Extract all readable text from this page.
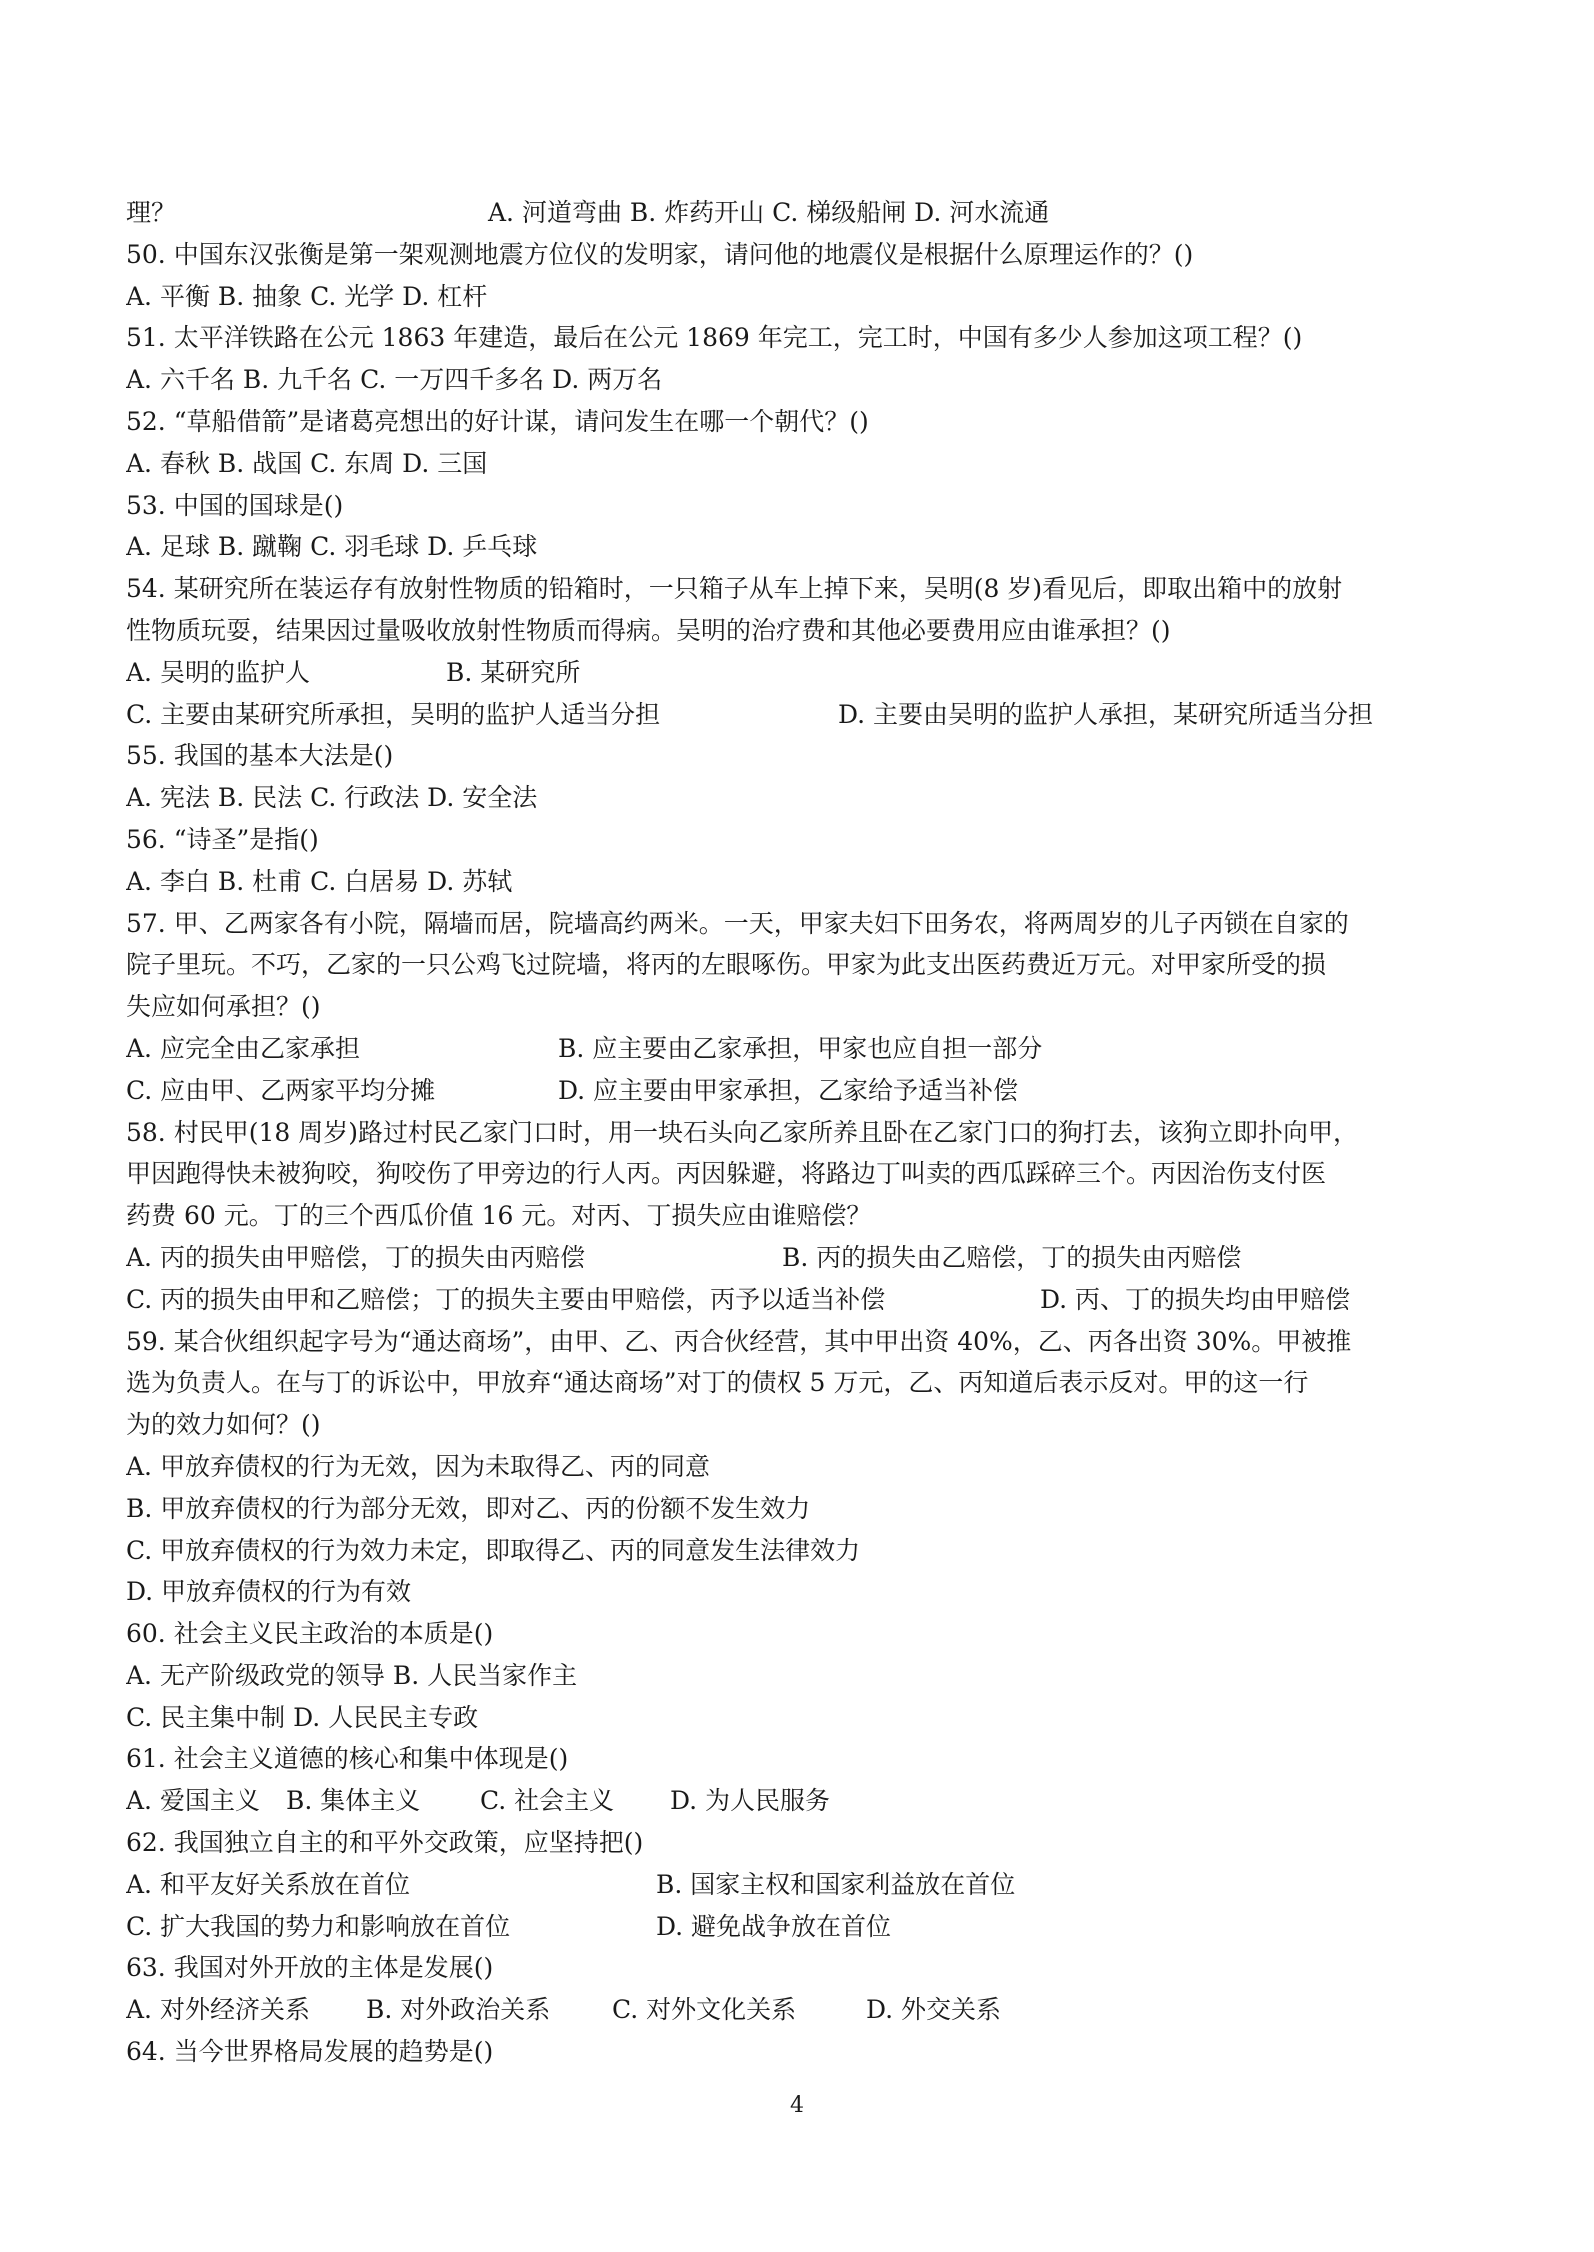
理？	A. 河道弯曲 B. 炸药开山 C. 梯级船闸 D. 河水流通
50. 中国东汉张衡是第一架观测地震方位仪的发明家，请问他的地震仪是根据什么原理运作的？()
A. 平衡 B. 抽象 C. 光学 D. 杠杆
51. 太平洋铁路在公元 1863 年建造，最后在公元 1869 年完工，完工时，中国有多少人参加这项工程？()
A. 六千名 B. 九千名 C. 一万四千多名 D. 两万名
52. “草船借箭”是诸葛亮想出的好计谋，请问发生在哪一个朝代？()
A. 春秋 B. 战国 C. 东周 D. 三国
53. 中国的国球是()
A. 足球 B. 蹴鞠 C. 羽毛球 D. 乒乓球
54. 某研究所在装运存有放射性物质的铅箱时，一只箱子从车上掉下来，吴明(8 岁)看见后，即取出箱中的放射
性物质玩耍，结果因过量吸收放射性物质而得病。吴明的治疗费和其他必要费用应由谁承担？()
A. 吴明的监护人	B. 某研究所
C. 主要由某研究所承担，吴明的监护人适当分担	D. 主要由吴明的监护人承担，某研究所适当分担
55. 我国的基本大法是()
A. 宪法 B. 民法 C. 行政法 D. 安全法
56. “诗圣”是指()
A. 李白 B. 杜甫 C. 白居易 D. 苏轼
57. 甲、乙两家各有小院，隔墙而居，院墙高约两米。一天，甲家夫妇下田务农，将两周岁的儿子丙锁在自家的
院子里玩。不巧，乙家的一只公鸡飞过院墙，将丙的左眼啄伤。甲家为此支出医药费近万元。对甲家所受的损
失应如何承担？()
A. 应完全由乙家承担	B. 应主要由乙家承担，甲家也应自担一部分
C. 应由甲、乙两家平均分摊	D. 应主要由甲家承担，乙家给予适当补偿
58. 村民甲(18 周岁)路过村民乙家门口时，用一块石头向乙家所养且卧在乙家门口的狗打去，该狗立即扑向甲，
甲因跑得快未被狗咬，狗咬伤了甲旁边的行人丙。丙因躲避，将路边丁叫卖的西瓜踩碎三个。丙因治伤支付医
药费 60 元。丁的三个西瓜价值 16 元。对丙、丁损失应由谁赔偿？
A. 丙的损失由甲赔偿，丁的损失由丙赔偿	B. 丙的损失由乙赔偿，丁的损失由丙赔偿
C. 丙的损失由甲和乙赔偿；丁的损失主要由甲赔偿，丙予以适当补偿	D. 丙、丁的损失均由甲赔偿
59. 某合伙组织起字号为“通达商场”，由甲、乙、丙合伙经营，其中甲出资 40%，乙、丙各出资 30%。甲被推
选为负责人。在与丁的诉讼中，甲放弃“通达商场”对丁的债权 5 万元，乙、丙知道后表示反对。甲的这一行
为的效力如何？()
A. 甲放弃债权的行为无效，因为未取得乙、丙的同意
B. 甲放弃债权的行为部分无效，即对乙、丙的份额不发生效力
C. 甲放弃债权的行为效力未定，即取得乙、丙的同意发生法律效力
D. 甲放弃债权的行为有效
60. 社会主义民主政治的本质是()
A. 无产阶级政党的领导 B. 人民当家作主
C. 民主集中制 D. 人民民主专政
61. 社会主义道德的核心和集中体现是()
A. 爱国主义 B. 集体主义 C. 社会主义 D. 为人民服务
62. 我国独立自主的和平外交政策，应坚持把()
A. 和平友好关系放在首位	B. 国家主权和国家利益放在首位
C. 扩大我国的势力和影响放在首位	D. 避免战争放在首位
63. 我国对外开放的主体是发展()
A. 对外经济关系 B. 对外政治关系 C. 对外文化关系	D. 外交关系
64. 当今世界格局发展的趋势是()
4
